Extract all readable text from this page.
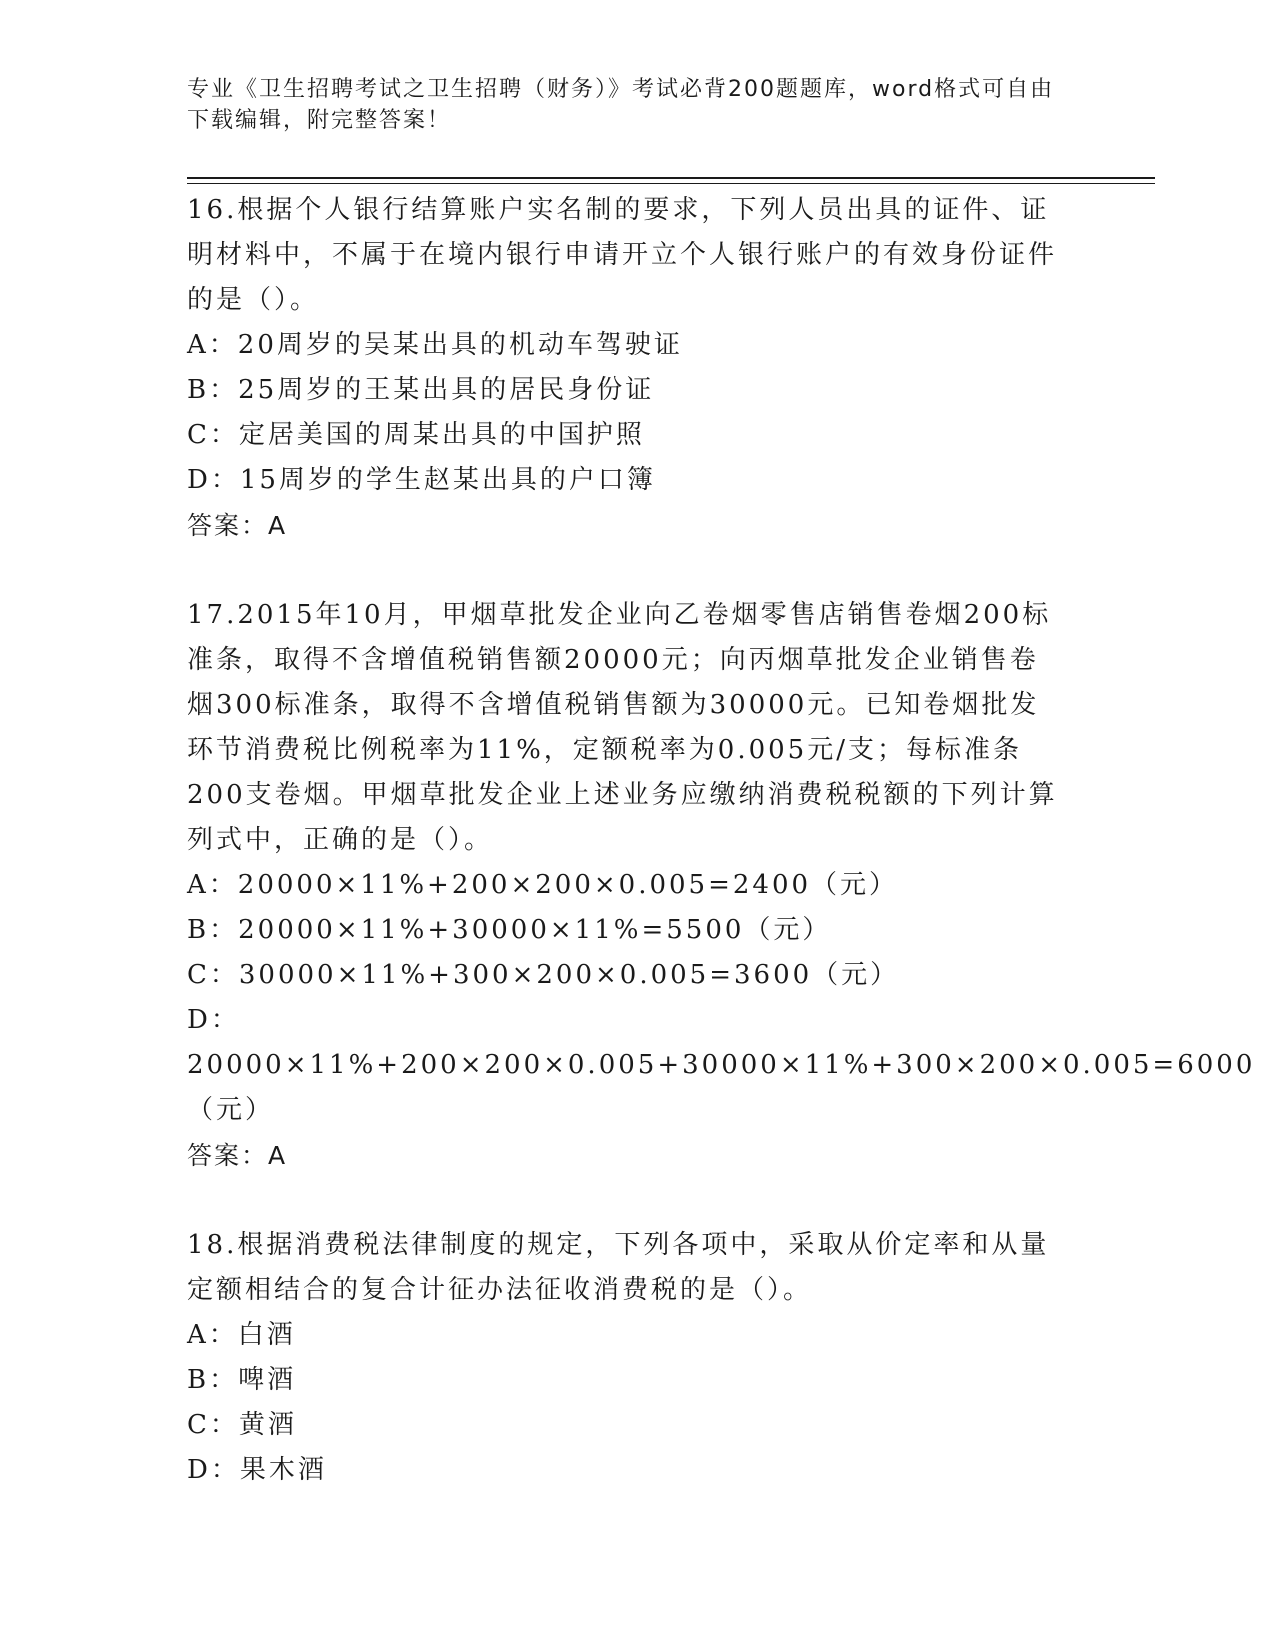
专业《卫生招聘考试之卫生招聘（财务）》考试必背200题题库，word格式可自由下载编辑，附完整答案！

16.根据个人银行结算账户实名制的要求，下列人员出具的证件、证明材料中，不属于在境内银行申请开立个人银行账户的有效身份证件的是（）。

A：20周岁的吴某出具的机动车驾驶证

B：25周岁的王某出具的居民身份证

C：定居美国的周某出具的中国护照

D：15周岁的学生赵某出具的户口簿

答案：A

17.2015年10月，甲烟草批发企业向乙卷烟零售店销售卷烟200标准条，取得不含增值税销售额20000元；向丙烟草批发企业销售卷烟300标准条，取得不含增值税销售额为30000元。已知卷烟批发环节消费税比例税率为11%，定额税率为0.005元/支；每标准条200支卷烟。甲烟草批发企业上述业务应缴纳消费税税额的下列计算列式中，正确的是（）。

A：20000×11%+200×200×0.005=2400（元）

B：20000×11%+30000×11%=5500（元）

C：30000×11%+300×200×0.005=3600（元）

D：20000×11%+200×200×0.005+30000×11%+300×200×0.005=6000（元）

答案：A

18.根据消费税法律制度的规定，下列各项中，采取从价定率和从量定额相结合的复合计征办法征收消费税的是（）。

A：白酒

B：啤酒

C：黄酒

D：果木酒
